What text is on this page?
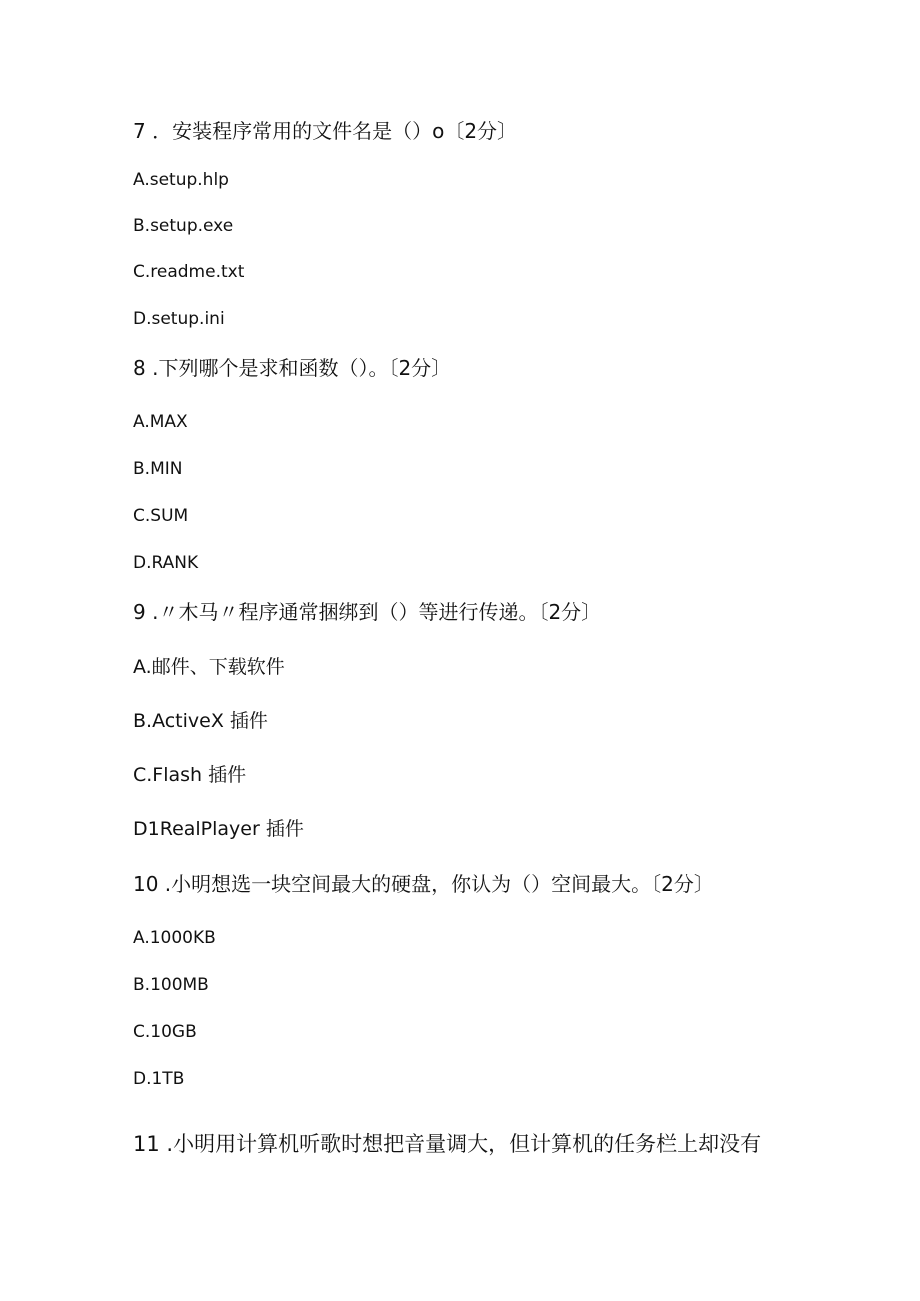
7 ．安装程序常用的文件名是（）o〔2分〕
A.setup.hlp
B.setup.exe
C.readme.txt
D.setup.ini
8 .下列哪个是求和函数（）。〔2分〕
A.MAX
B.MIN
C.SUM
D.RANK
9 .〃木马〃程序通常捆绑到（）等进行传递。〔2分〕
A.邮件、下载软件
B.ActiveX 插件
C.Flash 插件
D1RealPlayer 插件
10 .小明想选一块空间最大的硬盘，你认为（）空间最大。〔2分〕
A.1000KB
B.100MB
C.10GB
D.1TB
11 .小明用计算机听歌时想把音量调大，但计算机的任务栏上却没有
